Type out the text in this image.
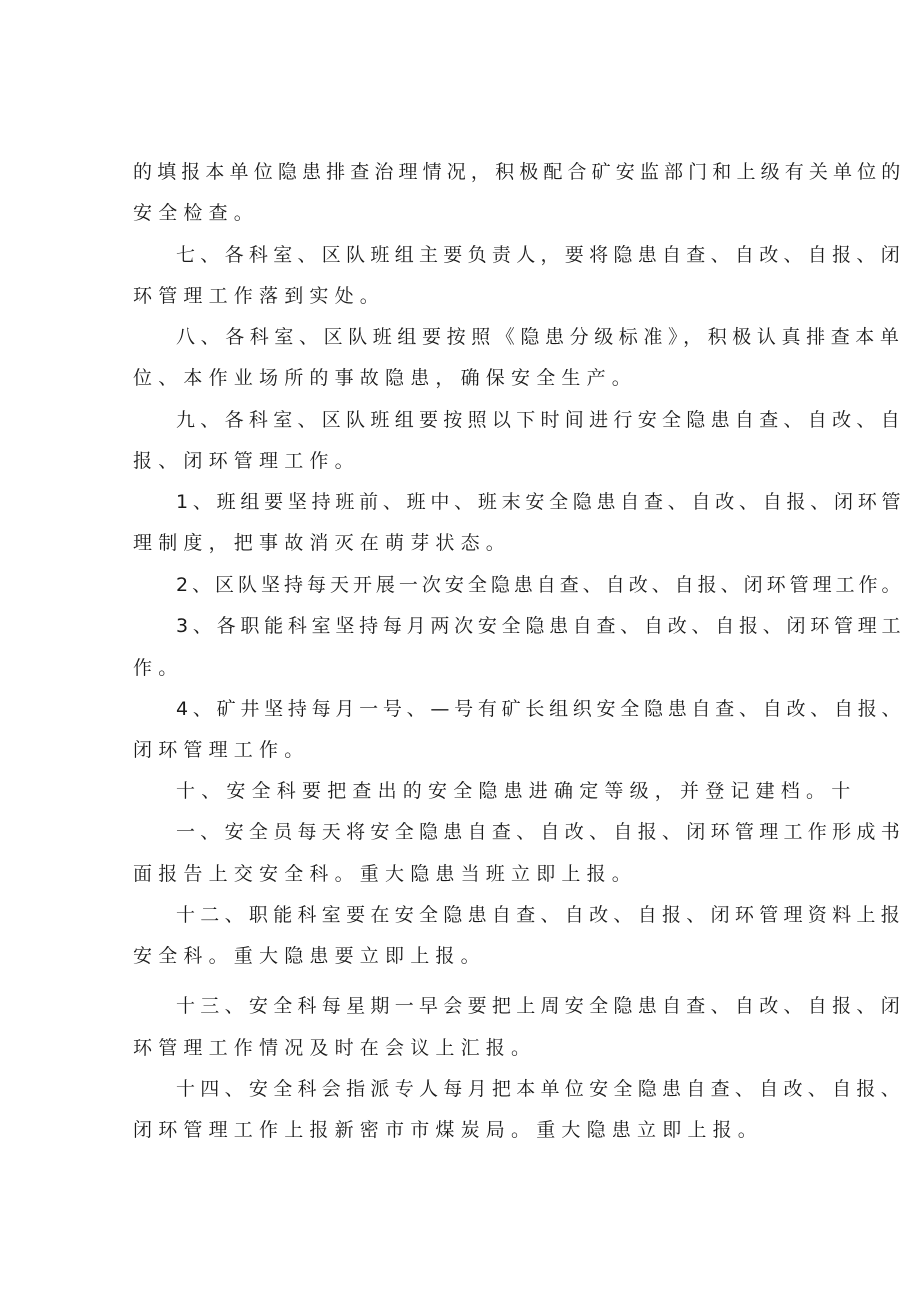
的填报本单位隐患排查治理情况，积极配合矿安监部门和上级有关单位的
安全检查。
七、各科室、区队班组主要负责人，要将隐患自查、自改、自报、闭
环管理工作落到实处。
八、各科室、区队班组要按照《隐患分级标准》，积极认真排查本单
位、本作业场所的事故隐患，确保安全生产。
九、各科室、区队班组要按照以下时间进行安全隐患自查、自改、自
报、闭环管理工作。
1、班组要坚持班前、班中、班末安全隐患自查、自改、自报、闭环管
理制度，把事故消灭在萌芽状态。
2、区队坚持每天开展一次安全隐患自查、自改、自报、闭环管理工作。
3、各职能科室坚持每月两次安全隐患自查、自改、自报、闭环管理工
作。
4、矿井坚持每月一号、—号有矿长组织安全隐患自查、自改、自报、
闭环管理工作。
十、安全科要把查出的安全隐患进确定等级，并登记建档。十
一、安全员每天将安全隐患自查、自改、自报、闭环管理工作形成书
面报告上交安全科。重大隐患当班立即上报。
十二、职能科室要在安全隐患自查、自改、自报、闭环管理资料上报
安全科。重大隐患要立即上报。
十三、安全科每星期一早会要把上周安全隐患自查、自改、自报、闭
环管理工作情况及时在会议上汇报。
十四、安全科会指派专人每月把本单位安全隐患自查、自改、自报、
闭环管理工作上报新密市市煤炭局。重大隐患立即上报。
